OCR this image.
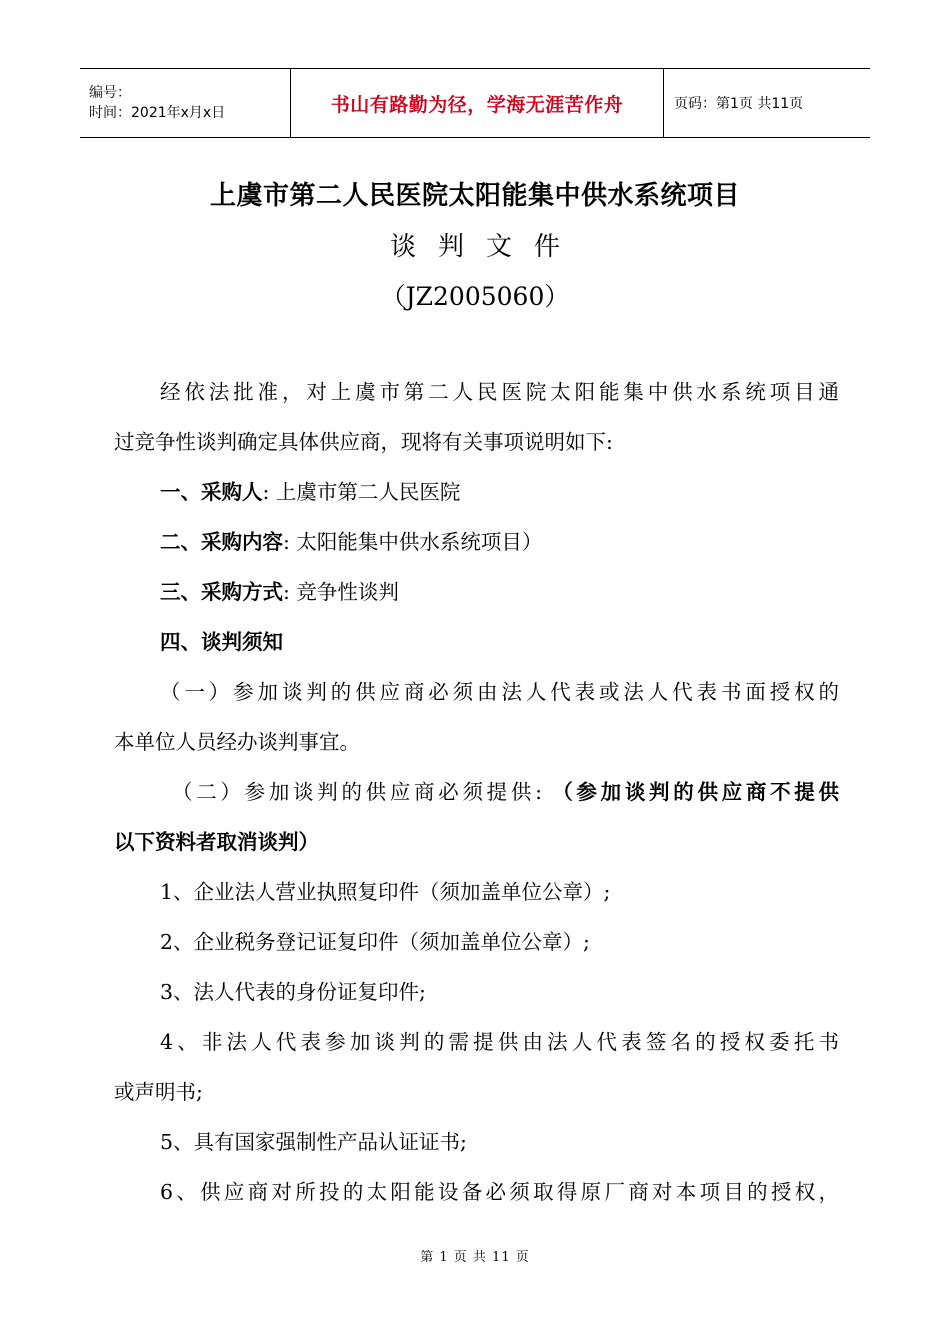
编号：
时间：2021年x月x日	书山有路勤为径，学海无涯苦作舟	页码：第1页 共11页
上虞市第二人民医院太阳能集中供水系统项目
谈判文件
（JZ2005060）
经依法批准，对上虞市第二人民医院太阳能集中供水系统项目通
过竞争性谈判确定具体供应商，现将有关事项说明如下:
一、采购人: 上虞市第二人民医院
二、采购内容: 太阳能集中供水系统项目）
三、采购方式: 竞争性谈判
四、谈判须知
（一）参加谈判的供应商必须由法人代表或法人代表书面授权的
本单位人员经办谈判事宜。
（二）参加谈判的供应商必须提供: （参加谈判的供应商不提供
以下资料者取消谈判）
1、企业法人营业执照复印件（须加盖单位公章）;
2、企业税务登记证复印件（须加盖单位公章）;
3、法人代表的身份证复印件;
4、非法人代表参加谈判的需提供由法人代表签名的授权委托书
或声明书;
5、具有国家强制性产品认证证书;
6、供应商对所投的太阳能设备必须取得原厂商对本项目的授权，
第 1 页 共 11 页
